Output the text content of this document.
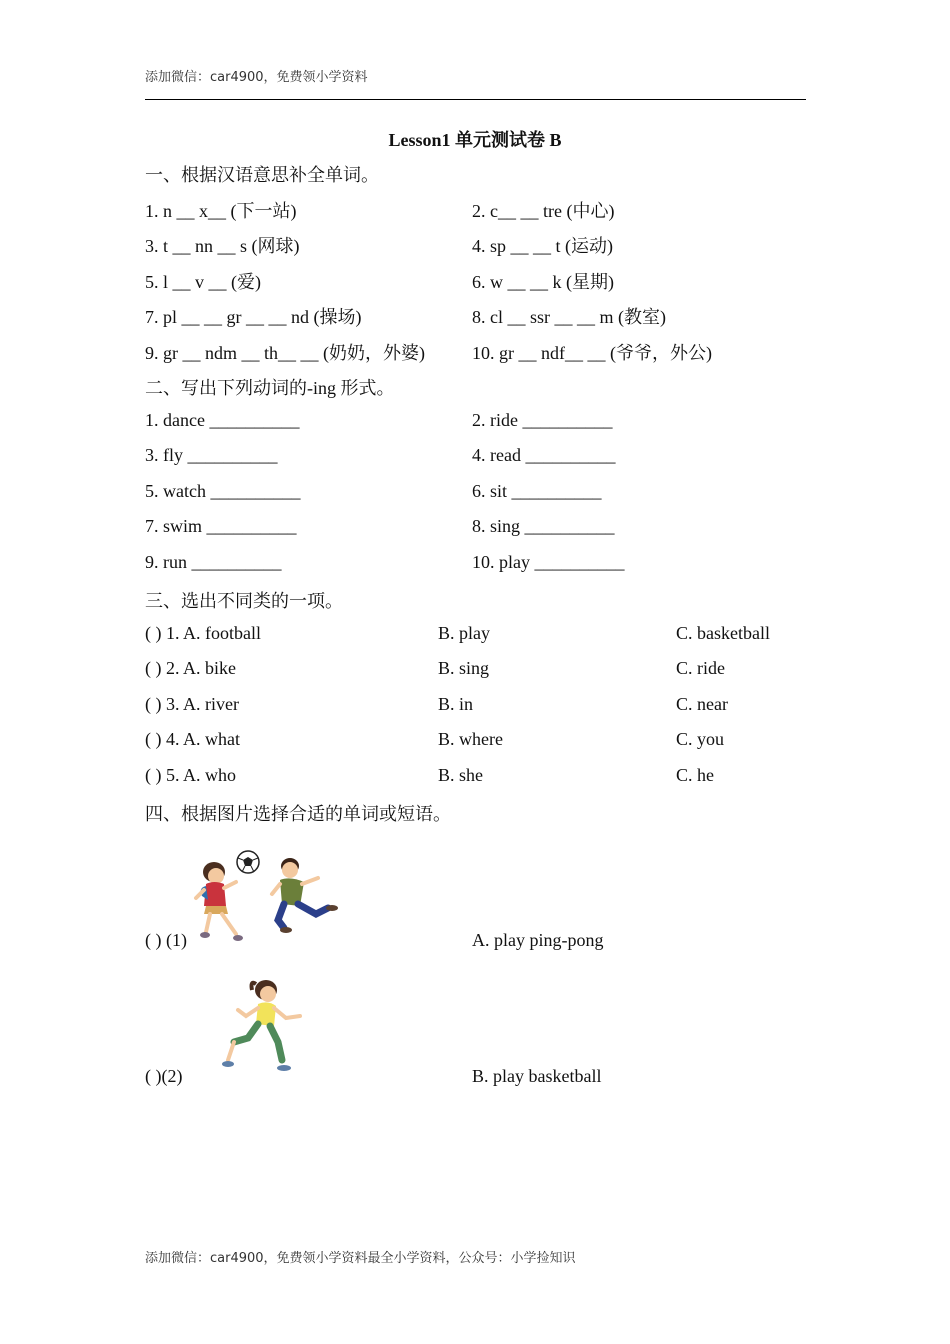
添加微信：car4900，免费领小学资料
Lesson1 单元测试卷 B
一、根据汉语意思补全单词。
1. n __ x__ (下一站)	2. c__ __ tre (中心)
3. t __ nn __ s (网球)	4. sp __ __ t (运动)
5. l __ v __ (爱)	6. w __ __ k (星期)
7. pl __ __ gr __ __ nd (操场)	8. cl __ ssr __ __ m (教室)
9. gr __ ndm __ th__ __ (奶奶，外婆)	10. gr __ ndf__ __ (爷爷，外公)
二、写出下列动词的-ing 形式。
1. dance __________	2. ride __________
3. fly __________	4. read __________
5. watch __________	6. sit __________
7. swim __________	8. sing __________
9. run __________	10. play __________
三、选出不同类的一项。
( ) 1. A. football	B. play	C. basketball
( ) 2. A. bike	B. sing	C. ride
( ) 3. A. river	B. in	C. near
( ) 4. A. what	B. where	C. you
( ) 5. A. who	B. she	C. he
四、根据图片选择合适的单词或短语。
( ) (1)	A. play ping-pong
( )(2)	B. play basketball
添加微信：car4900，免费领小学资料最全小学资料，公众号：小学捡知识
